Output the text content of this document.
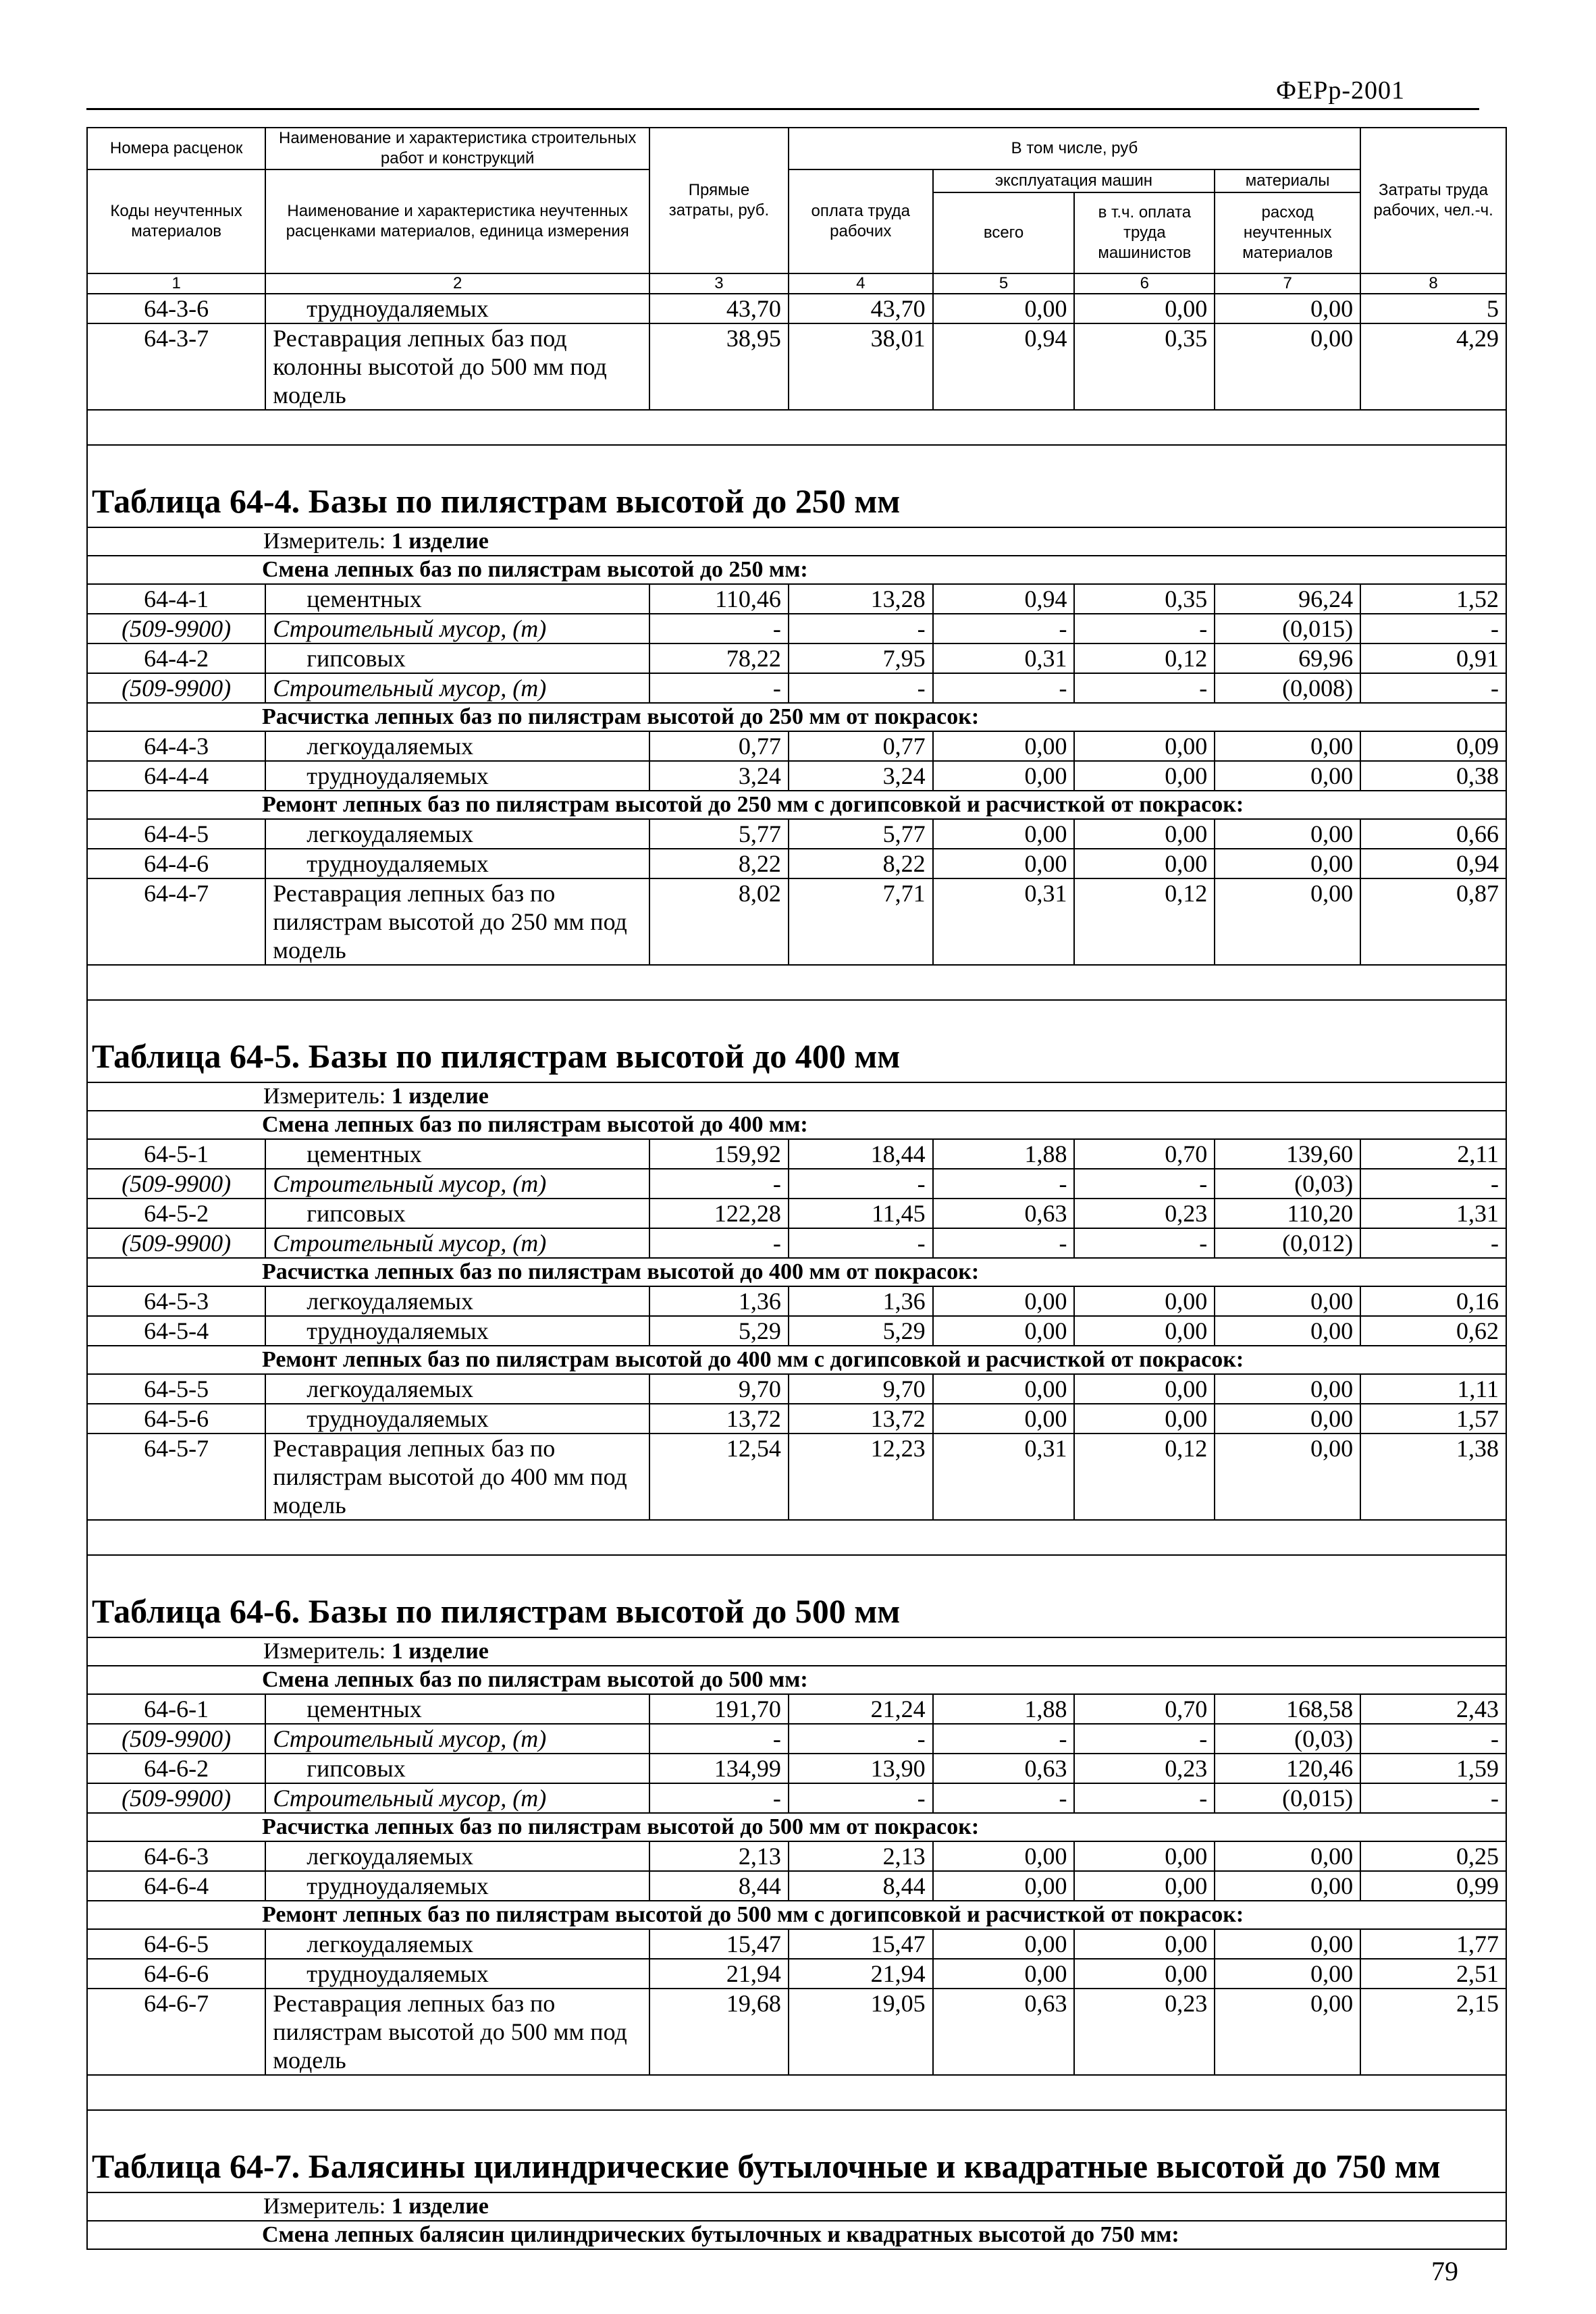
ФЕРр-2001
Номера расценок	Наименование и характеристика строительных работ и конструкций	Прямые затраты, руб.	В том числе, руб				Затраты труда рабочих, чел.-ч.
Коды неучтенных материалов	Наименование и характеристика неучтенных расценками материалов, единица измерения		оплата труда рабочих	эксплуатация машин		материалы	
				всего	в т.ч. оплата труда машинистов	расход неучтенных материалов	

1	2	3	4	5	6	7	8
64-3-6	трудноудаляемых	43,70	43,70	0,00	0,00	0,00	5
64-3-7	Реставрация лепных баз под колонны высотой до 500 мм под модель	38,95	38,01	0,94	0,35	0,00	4,29

Таблица 64-4. Базы по пилястрам высотой до 250 мм							
Измеритель: 1 изделие							
Смена лепных баз по пилястрам высотой до 250 мм:							
64-4-1	цементных	110,46	13,28	0,94	0,35	96,24	1,52
(509-9900)	Строительный мусор, (т)	-	-	-	-	(0,015)	-
64-4-2	гипсовых	78,22	7,95	0,31	0,12	69,96	0,91
(509-9900)	Строительный мусор, (т)	-	-	-	-	(0,008)	-
Расчистка лепных баз по пилястрам высотой до 250 мм от покрасок:							
64-4-3	легкоудаляемых	0,77	0,77	0,00	0,00	0,00	0,09
64-4-4	трудноудаляемых	3,24	3,24	0,00	0,00	0,00	0,38
Ремонт лепных баз по пилястрам высотой до 250 мм с догипсовкой и расчисткой от покрасок:							
64-4-5	легкоудаляемых	5,77	5,77	0,00	0,00	0,00	0,66
64-4-6	трудноудаляемых	8,22	8,22	0,00	0,00	0,00	0,94
64-4-7	Реставрация лепных баз по пилястрам высотой до 250 мм под модель	8,02	7,71	0,31	0,12	0,00	0,87

Таблица 64-5. Базы по пилястрам высотой до 400 мм							
Измеритель: 1 изделие							
Смена лепных баз по пилястрам высотой до 400 мм:							
64-5-1	цементных	159,92	18,44	1,88	0,70	139,60	2,11
(509-9900)	Строительный мусор, (т)	-	-	-	-	(0,03)	-
64-5-2	гипсовых	122,28	11,45	0,63	0,23	110,20	1,31
(509-9900)	Строительный мусор, (т)	-	-	-	-	(0,012)	-
Расчистка лепных баз по пилястрам высотой до 400 мм от покрасок:							
64-5-3	легкоудаляемых	1,36	1,36	0,00	0,00	0,00	0,16
64-5-4	трудноудаляемых	5,29	5,29	0,00	0,00	0,00	0,62
Ремонт лепных баз по пилястрам высотой до 400 мм с догипсовкой и расчисткой от покрасок:							
64-5-5	легкоудаляемых	9,70	9,70	0,00	0,00	0,00	1,11
64-5-6	трудноудаляемых	13,72	13,72	0,00	0,00	0,00	1,57
64-5-7	Реставрация лепных баз по пилястрам высотой до 400 мм под модель	12,54	12,23	0,31	0,12	0,00	1,38

Таблица 64-6. Базы по пилястрам высотой до 500 мм							
Измеритель: 1 изделие							
Смена лепных баз по пилястрам высотой до 500 мм:							
64-6-1	цементных	191,70	21,24	1,88	0,70	168,58	2,43
(509-9900)	Строительный мусор, (т)	-	-	-	-	(0,03)	-
64-6-2	гипсовых	134,99	13,90	0,63	0,23	120,46	1,59
(509-9900)	Строительный мусор, (т)	-	-	-	-	(0,015)	-
Расчистка лепных баз по пилястрам высотой до 500 мм от покрасок:							
64-6-3	легкоудаляемых	2,13	2,13	0,00	0,00	0,00	0,25
64-6-4	трудноудаляемых	8,44	8,44	0,00	0,00	0,00	0,99
Ремонт лепных баз по пилястрам высотой до 500 мм с догипсовкой и расчисткой от покрасок:							
64-6-5	легкоудаляемых	15,47	15,47	0,00	0,00	0,00	1,77
64-6-6	трудноудаляемых	21,94	21,94	0,00	0,00	0,00	2,51
64-6-7	Реставрация лепных баз по пилястрам высотой до 500 мм под модель	19,68	19,05	0,63	0,23	0,00	2,15

Таблица 64-7. Балясины цилиндрические бутылочные и квадратные высотой до 750 мм							
Измеритель: 1 изделие							
Смена лепных балясин цилиндрических бутылочных и квадратных высотой до 750 мм:							
79
